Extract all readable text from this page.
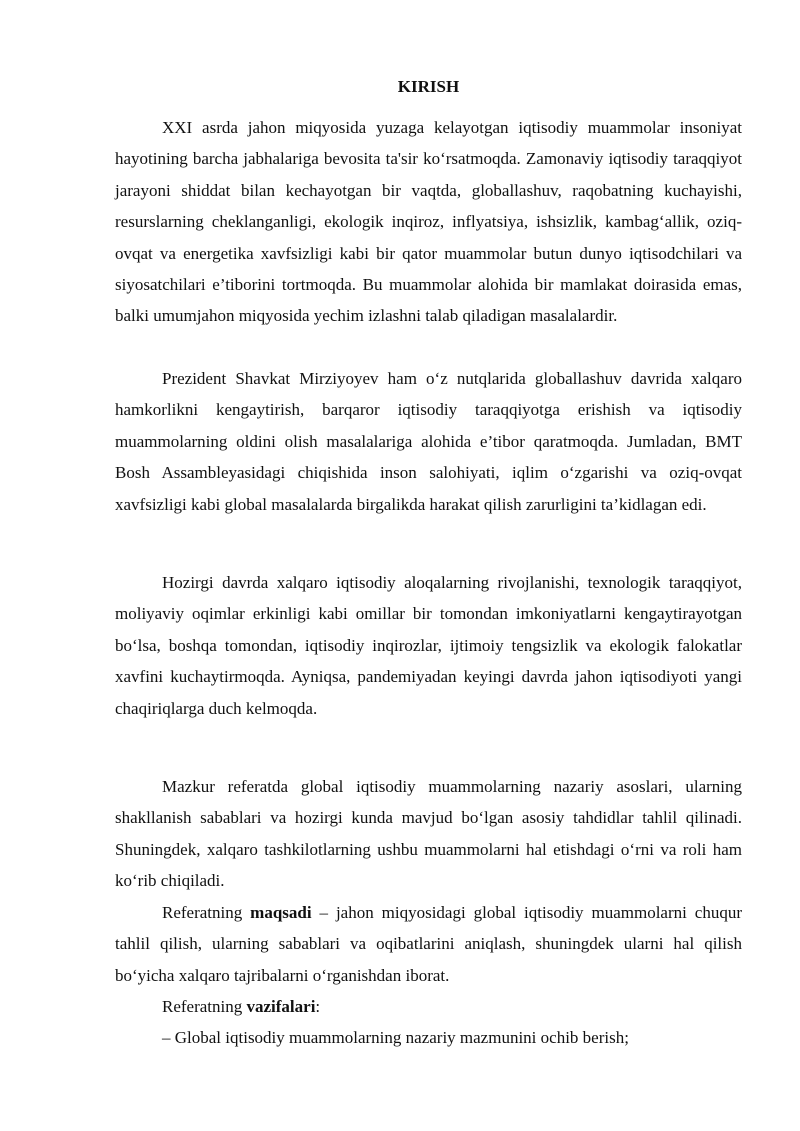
KIRISH

XXI asrda jahon miqyosida yuzaga kelayotgan iqtisodiy muammolar insoniyat hayotining barcha jabhalariga bevosita ta'sir ko‘rsatmoqda. Zamonaviy iqtisodiy taraqqiyot jarayoni shiddat bilan kechayotgan bir vaqtda, globallashuv, raqobatning kuchayishi, resurslarning cheklanganligi, ekologik inqiroz, inflyatsiya, ishsizlik, kambag‘allik, oziq-ovqat va energetika xavfsizligi kabi bir qator muammolar butun dunyo iqtisodchilari va siyosatchilari e’tiborini tortmoqda. Bu muammolar alohida bir mamlakat doirasida emas, balki umumjahon miqyosida yechim izlashni talab qiladigan masalalardir.

Prezident Shavkat Mirziyoyev ham o‘z nutqlarida globallashuv davrida xalqaro hamkorlikni kengaytirish, barqaror iqtisodiy taraqqiyotga erishish va iqtisodiy muammolarning oldini olish masalalariga alohida e’tibor qaratmoqda. Jumladan, BMT Bosh Assambleyasidagi chiqishida inson salohiyati, iqlim o‘zgarishi va oziq-ovqat xavfsizligi kabi global masalalarda birgalikda harakat qilish zarurligini ta’kidlagan edi.

Hozirgi davrda xalqaro iqtisodiy aloqalarning rivojlanishi, texnologik taraqqiyot, moliyaviy oqimlar erkinligi kabi omillar bir tomondan imkoniyatlarni kengaytirayotgan bo‘lsa, boshqa tomondan, iqtisodiy inqirozlar, ijtimoiy tengsizlik va ekologik falokatlar xavfini kuchaytirmoqda. Ayniqsa, pandemiyadan keyingi davrda jahon iqtisodiyoti yangi chaqiriqlarga duch kelmoqda.

Mazkur referatda global iqtisodiy muammolarning nazariy asoslari, ularning shakllanish sabablari va hozirgi kunda mavjud bo‘lgan asosiy tahdidlar tahlil qilinadi. Shuningdek, xalqaro tashkilotlarning ushbu muammolarni hal etishdagi o‘rni va roli ham ko‘rib chiqiladi.

Referatning maqsadi – jahon miqyosidagi global iqtisodiy muammolarni chuqur tahlil qilish, ularning sabablari va oqibatlarini aniqlash, shuningdek ularni hal qilish bo‘yicha xalqaro tajribalarni o‘rganishdan iborat.

Referatning vazifalari:

– Global iqtisodiy muammolarning nazariy mazmunini ochib berish;
